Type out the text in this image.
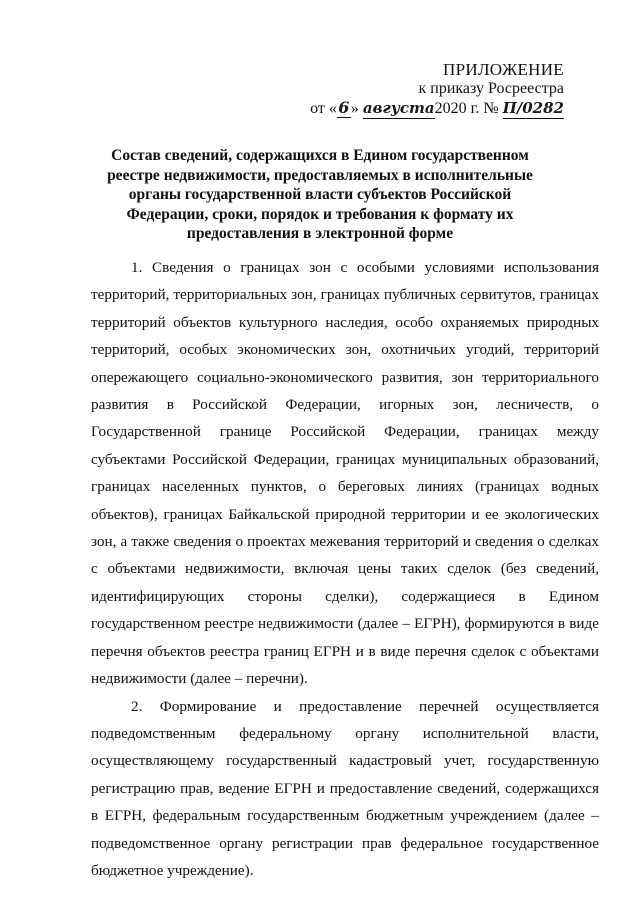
ПРИЛОЖЕНИЕ
к приказу Росреестра
от «6» августа2020 г. № П/0282
Состав сведений, содержащихся в Едином государственном реестре недвижимости, предоставляемых в исполнительные органы государственной власти субъектов Российской Федерации, сроки, порядок и требования к формату их предоставления в электронной форме

1. Сведения о границах зон с особыми условиями использования территорий, территориальных зон, границах публичных сервитутов, границах территорий объектов культурного наследия, особо охраняемых природных территорий, особых экономических зон, охотничьих угодий, территорий опережающего социально-экономического развития, зон территориального развития в Российской Федерации, игорных зон, лесничеств, о Государственной границе Российской Федерации, границах между субъектами Российской Федерации, границах муниципальных образований, границах населенных пунктов, о береговых линиях (границах водных объектов), границах Байкальской природной территории и ее экологических зон, а также сведения о проектах межевания территорий и сведения о сделках с объектами недвижимости, включая цены таких сделок (без сведений, идентифицирующих стороны сделки), содержащиеся в Едином государственном реестре недвижимости (далее – ЕГРН), формируются в виде перечня объектов реестра границ ЕГРН и в виде перечня сделок с объектами недвижимости (далее – перечни).

2. Формирование и предоставление перечней осуществляется подведомственным федеральному органу исполнительной власти, осуществляющему государственный кадастровый учет, государственную регистрацию прав, ведение ЕГРН и предоставление сведений, содержащихся в ЕГРН, федеральным государственным бюджетным учреждением (далее – подведомственное органу регистрации прав федеральное государственное бюджетное учреждение).
